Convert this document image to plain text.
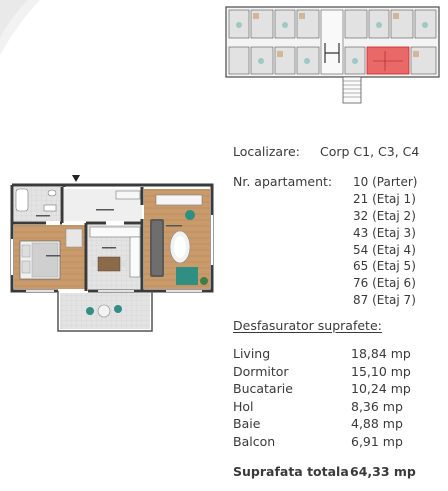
Localizare: Corp C1, C3, C4
Nr. apartament: 10 (Parter)
21 (Etaj 1)
32 (Etaj 2)
43 (Etaj 3)
54 (Etaj 4)
65 (Etaj 5)
76 (Etaj 6)
87 (Etaj 7)
Desfasurator suprafete:
Living
Dormitor
Bucatarie
Hol
Baie
Balcon
18,84 mp
15,10 mp
10,24 mp
8,36 mp
4,88 mp
6,91 mp
Suprafata totala 64,33 mp
